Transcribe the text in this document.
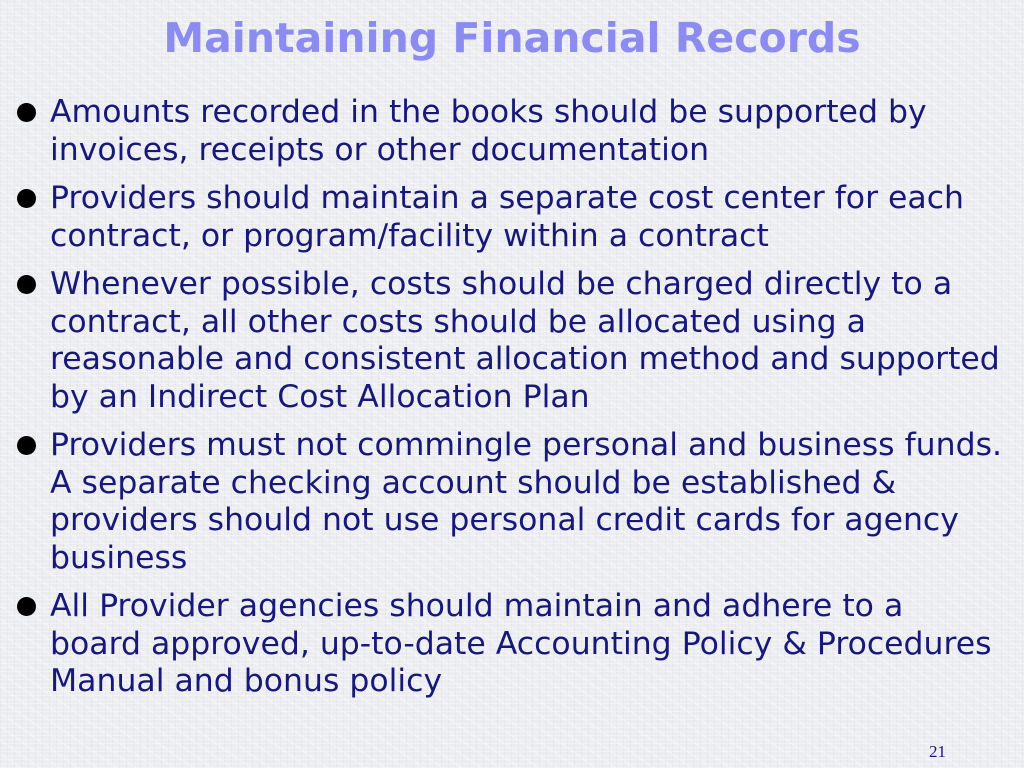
Maintaining Financial Records
Amounts recorded in the books should be supported by invoices, receipts or other documentation
Providers should maintain a separate cost center for each contract, or program/facility within a contract
Whenever possible, costs should be charged directly to a contract, all other costs should be allocated using a reasonable and consistent allocation method and supported by an Indirect Cost Allocation Plan
Providers must not commingle personal and business funds. A separate checking account should be established & providers should not use personal credit cards for agency business
All Provider agencies should maintain and adhere to a board approved, up-to-date Accounting Policy & Procedures Manual and bonus policy
21
